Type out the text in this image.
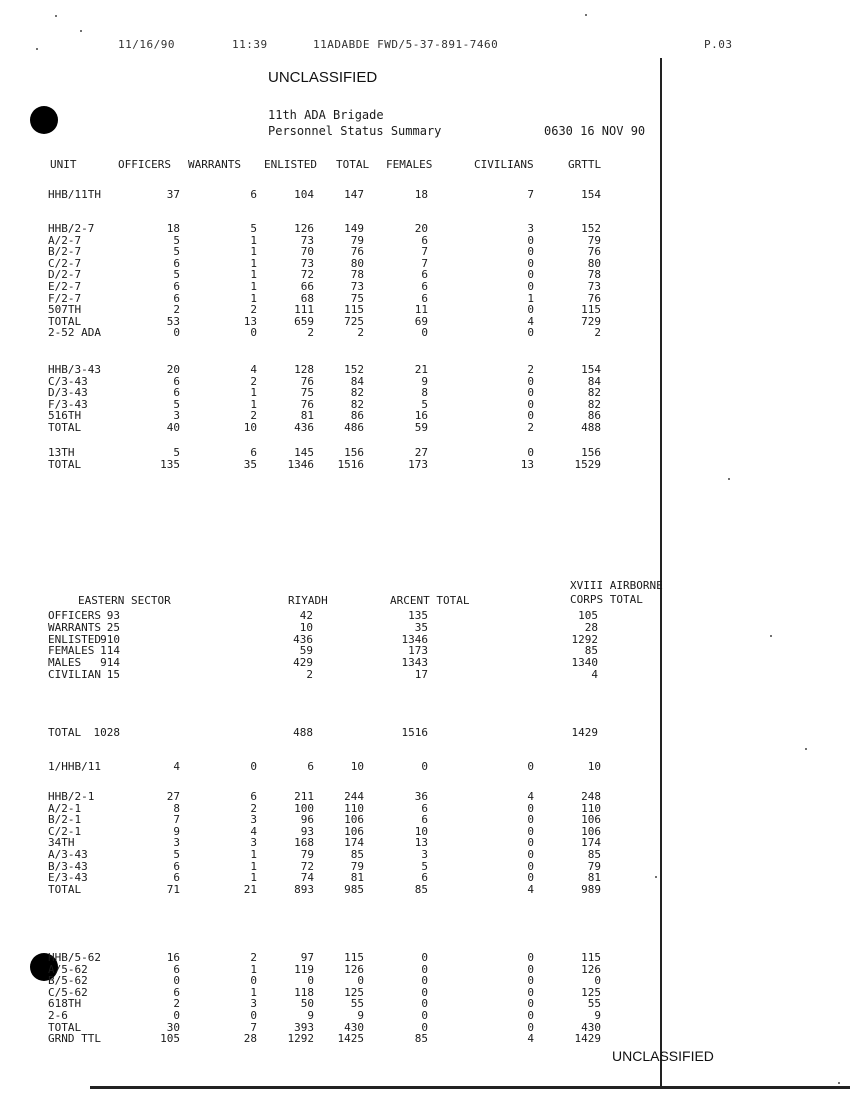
11/16/90	11:39	11ADABDE FWD/5-37-891-7460	P.03
UNCLASSIFIED
11th ADA Brigade
Personnel Status Summary	0630 16 NOV 90
UNIT	OFFICERS WARRANTS ENLISTED TOTAL FEMALES	CIVILIANS	GRTTL
HHB/11TH	37	6	104	147	18	7	154
HHB/2-7	18	5	126	149	20	3	152
A/2-7	5	1	73	79	6	0	79
B/2-7	5	1	70	76	7	0	76
C/2-7	6	1	73	80	7	0	80
D/2-7	5	1	72	78	6	0	78
E/2-7	6	1	66	73	6	0	73
F/2-7	6	1	68	75	6	1	76
507TH	2	2	111	115	11	0	115
TOTAL	53	13	659	725	69	4	729
2-52 ADA	0	0	2	2	0	0	2
HHB/3-43	20	4	128	152	21	2	154
C/3-43	6	2	76	84	9	0	84
D/3-43	6	1	75	82	8	0	82
F/3-43	5	1	76	82	5	0	82
516TH	3	2	81	86	16	0	86
TOTAL	40	10	436	486	59	2	488
13TH	5	6	145	156	27	0	156
TOTAL	135	35	1346 1516	173	13	1529
EASTERN SECTOR	RIYADH	ARCENT TOTAL
XVIII AIRBORNE
CORPS TOTAL
OFFICERS 93	42	135	105
WARRANTS 25	10	35	28
ENLISTED 910	436	1346	1292
FEMALES 114	59	173	85
MALES 914	429	1343	1340
CIVILIAN 15	2	17	4
TOTAL 1028	488	1516	1429
1/HHB/11	4	0	6	10	0	0	10
HHB/2-1	27	6	211	244	36	4	248
A/2-1	8	2	100	110	6	0	110
B/2-1	7	3	96	106	6	0	106
C/2-1	9	4	93	106	10	0	106
34TH	3	3	168	174	13	0	174
A/3-43	5	1	79	85	3	0	85
B/3-43	6	1	72	79	5	0	79
E/3-43	6	1	74	81	6	0	81
TOTAL	71	21	893	985	85	4	989
HHB/5-62	16	2	97	115	0	0	115
A/5-62	6	1	119	126	0	0	126
B/5-62	0	0	0	0	0	0	0
C/5-62	6	1	118	125	0	0	125
618TH	2	3	50	55	0	0	55
2-6	0	0	9	9	0	0	9
TOTAL	30	7	393	430	0	0	430
GRND TTL	105	28	1292 1425	85	4	1429
UNCLASSIFIED
